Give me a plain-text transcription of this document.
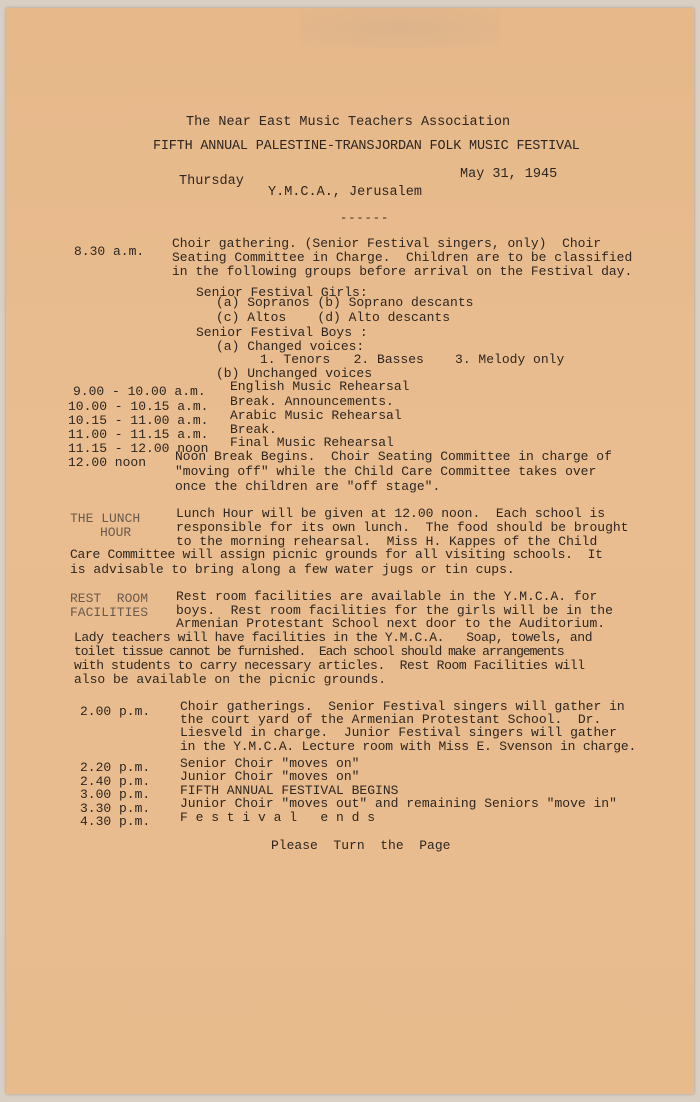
The Near East Music Teachers Association
FIFTH ANNUAL PALESTINE-TRANSJORDAN FOLK MUSIC FESTIVAL
Thursday	May 31, 1945
Y.M.C.A., Jerusalem
------
8.30 a.m.
Choir gathering. (Senior Festival singers, only)  Choir
Seating Committee in Charge.  Children are to be classified
in the following groups before arrival on the Festival day.
Senior Festival Girls:
(a) Sopranos (b) Soprano descants
(c) Altos    (d) Alto descants
Senior Festival Boys :
(a) Changed voices:
1. Tenors   2. Basses    3. Melody only
(b) Unchanged voices
9.00 - 10.00 a.m. English Music Rehearsal
10.00 - 10.15 a.m. Break. Announcements.
10.15 - 11.00 a.m. Arabic Music Rehearsal
11.00 - 11.15 a.m. Break.
11.15 - 12.00 noon Final Music Rehearsal
12.00 noon Noon Break Begins.  Choir Seating Committee in charge of
"moving off" while the Child Care Committee takes over
once the children are "off stage".
THE LUNCH
HOUR
Lunch Hour will be given at 12.00 noon.  Each school is
responsible for its own lunch.  The food should be brought
to the morning rehearsal.  Miss H. Kappes of the Child
Care Committee will assign picnic grounds for all visiting schools.  It
is advisable to bring along a few water jugs or tin cups.
REST  ROOM
FACILITIES
Rest room facilities are available in the Y.M.C.A. for
boys.  Rest room facilities for the girls will be in the
Armenian Protestant School next door to the Auditorium.
Lady teachers will have facilities in the Y.M.C.A.   Soap, towels, and
toilet tissue cannot be furnished.  Each school should make arrangements
with students to carry necessary articles.  Rest Room Facilities will
also be available on the picnic grounds.
2.00 p.m. Choir gatherings.  Senior Festival singers will gather in
the court yard of the Armenian Protestant School.  Dr.
Liesveld in charge.  Junior Festival singers will gather
in the Y.M.C.A. Lecture room with Miss E. Svenson in charge.
2.20 p.m. Senior Choir "moves on"
2.40 p.m. Junior Choir "moves on"
3.00 p.m. FIFTH ANNUAL FESTIVAL BEGINS
3.30 p.m. Junior Choir "moves out" and remaining Seniors "move in"
4.30 p.m. F e s t i v a l   e n d s
Please  Turn  the  Page
